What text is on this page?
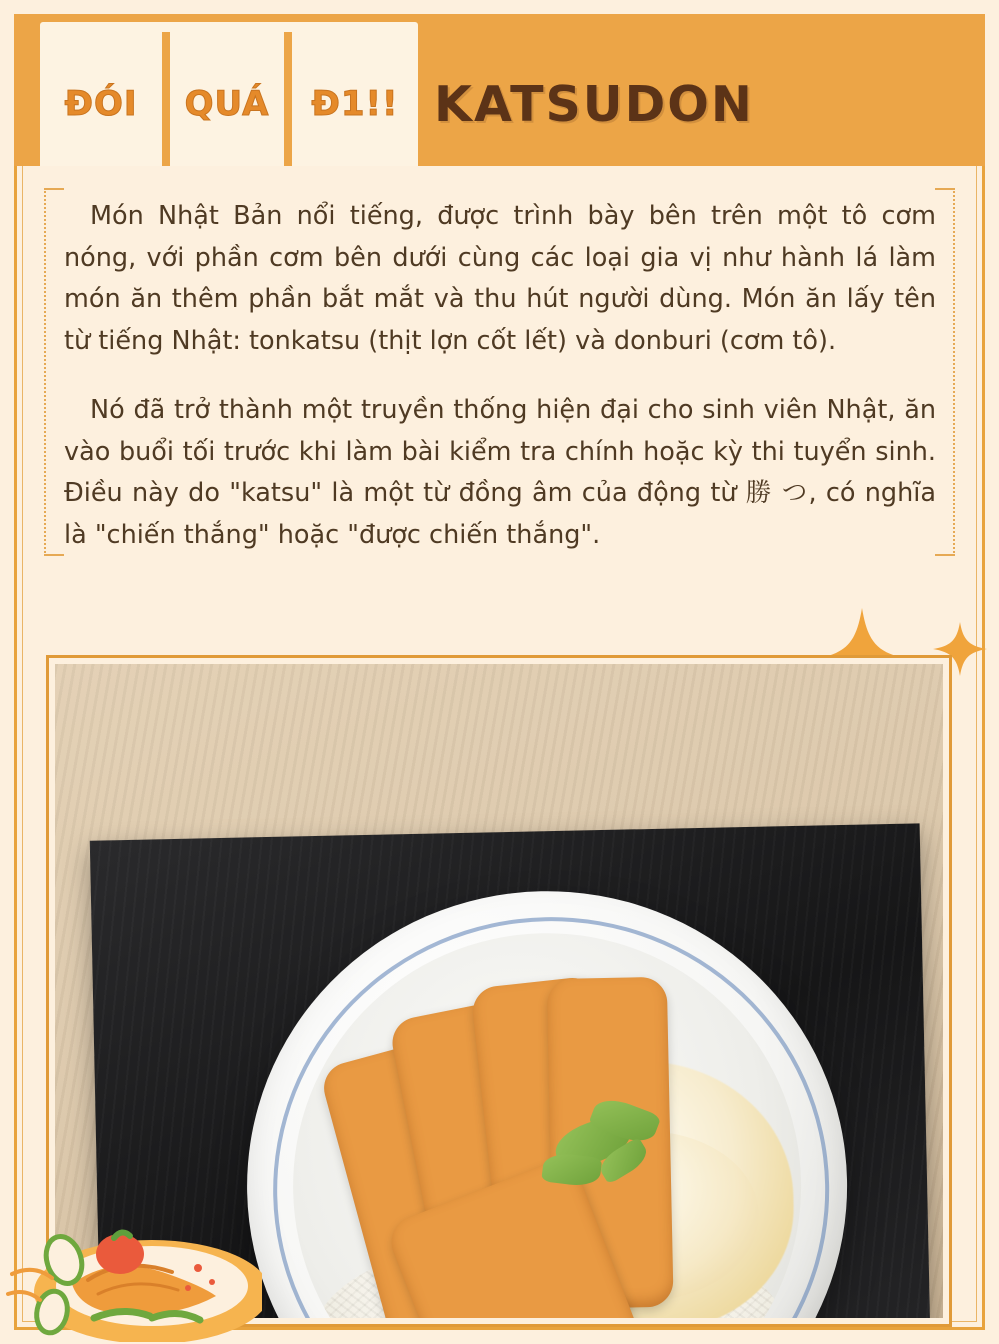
ĐÓI	QUÁ	Đ1!! KATSUDON

Món Nhật Bản nổi tiếng, được trình bày bên trên một tô cơm nóng, với phần cơm bên dưới cùng các loại gia vị như hành lá làm món ăn thêm phần bắt mắt và thu hút người dùng. Món ăn lấy tên từ tiếng Nhật: tonkatsu (thịt lợn cốt lết) và donburi (cơm tô).

Nó đã trở thành một truyền thống hiện đại cho sinh viên Nhật, ăn vào buổi tối trước khi làm bài kiểm tra chính hoặc kỳ thi tuyển sinh. Điều này do "katsu" là một từ đồng âm của động từ 勝 つ, có nghĩa là "chiến thắng" hoặc "được chiến thắng".
